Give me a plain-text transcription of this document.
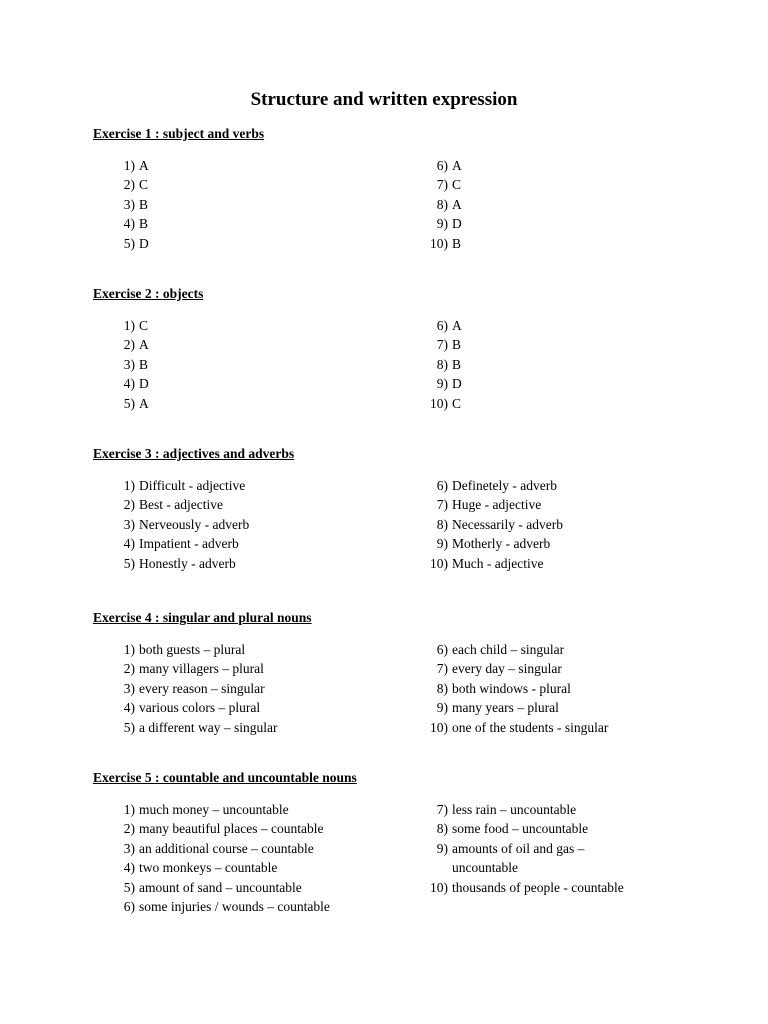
Structure and written expression
Exercise 1 : subject and verbs
1) A
2) C
3) B
4) B
5) D
6) A
7) C
8) A
9) D
10) B
Exercise 2 : objects
1) C
2) A
3) B
4) D
5) A
6) A
7) B
8) B
9) D
10) C
Exercise 3 : adjectives and adverbs
1) Difficult - adjective
2) Best - adjective
3) Nerveously - adverb
4) Impatient - adverb
5) Honestly - adverb
6) Definetely - adverb
7) Huge - adjective
8) Necessarily - adverb
9) Motherly - adverb
10) Much - adjective
Exercise 4 : singular and plural nouns
1) both guests – plural
2) many villagers – plural
3) every reason – singular
4) various colors – plural
5) a different way – singular
6) each child – singular
7) every day – singular
8) both windows - plural
9) many years – plural
10) one of the students - singular
Exercise 5 : countable and uncountable nouns
1) much money – uncountable
2) many beautiful places – countable
3) an additional course – countable
4) two monkeys – countable
5) amount of sand – uncountable
6) some injuries / wounds – countable
7) less rain – uncountable
8) some food – uncountable
9) amounts of oil and gas –
uncountable
10) thousands of people - countable
